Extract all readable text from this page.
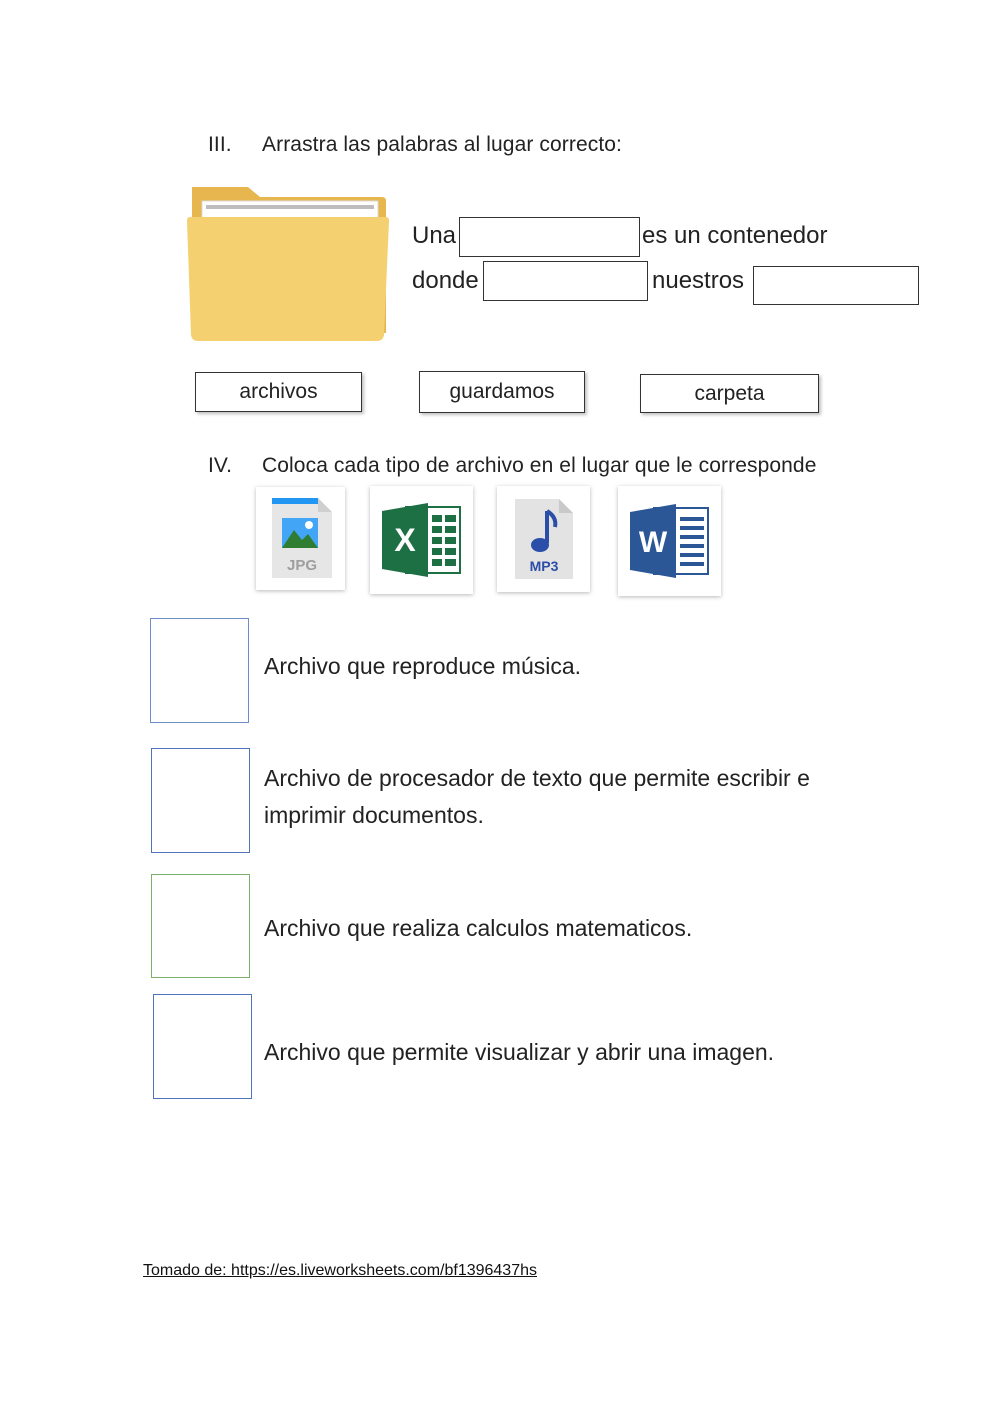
III. Arrastra las palabras al lugar correcto:
Una	es un contenedor
donde	nuestros
archivos	guardamos	carpeta
IV. Coloca cada tipo de archivo en el lugar que le corresponde
JPG
X
MP3
W
Archivo que reproduce música.
Archivo de procesador de texto que permite escribir e imprimir documentos.
Archivo que realiza calculos matematicos.
Archivo que permite visualizar y abrir una imagen.
Tomado de: https://es.liveworksheets.com/bf1396437hs
